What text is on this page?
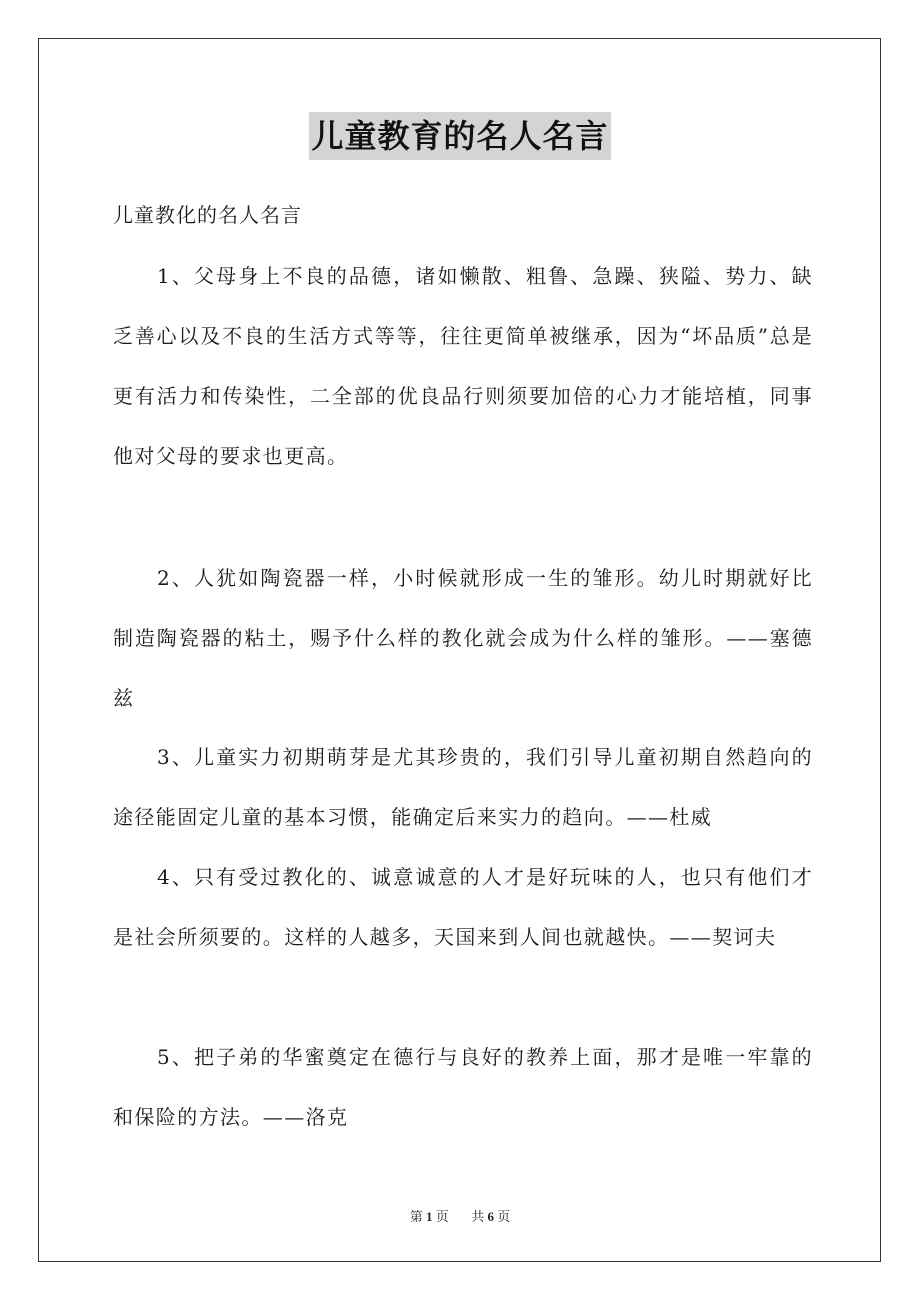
儿童教育的名人名言
儿童教化的名人名言

1、父母身上不良的品德，诸如懒散、粗鲁、急躁、狭隘、势力、缺乏善心以及不良的生活方式等等，往往更简单被继承，因为“坏品质”总是更有活力和传染性，二全部的优良品行则须要加倍的心力才能培植，同事他对父母的要求也更高。

2、人犹如陶瓷器一样，小时候就形成一生的雏形。幼儿时期就好比制造陶瓷器的粘土，赐予什么样的教化就会成为什么样的雏形。——塞德兹

3、儿童实力初期萌芽是尤其珍贵的，我们引导儿童初期自然趋向的途径能固定儿童的基本习惯，能确定后来实力的趋向。——杜威

4、只有受过教化的、诚意诚意的人才是好玩味的人，也只有他们才是社会所须要的。这样的人越多，天国来到人间也就越快。——契诃夫

5、把子弟的华蜜奠定在德行与良好的教养上面，那才是唯一牢靠的和保险的方法。——洛克

第 1 页 共 6 页
